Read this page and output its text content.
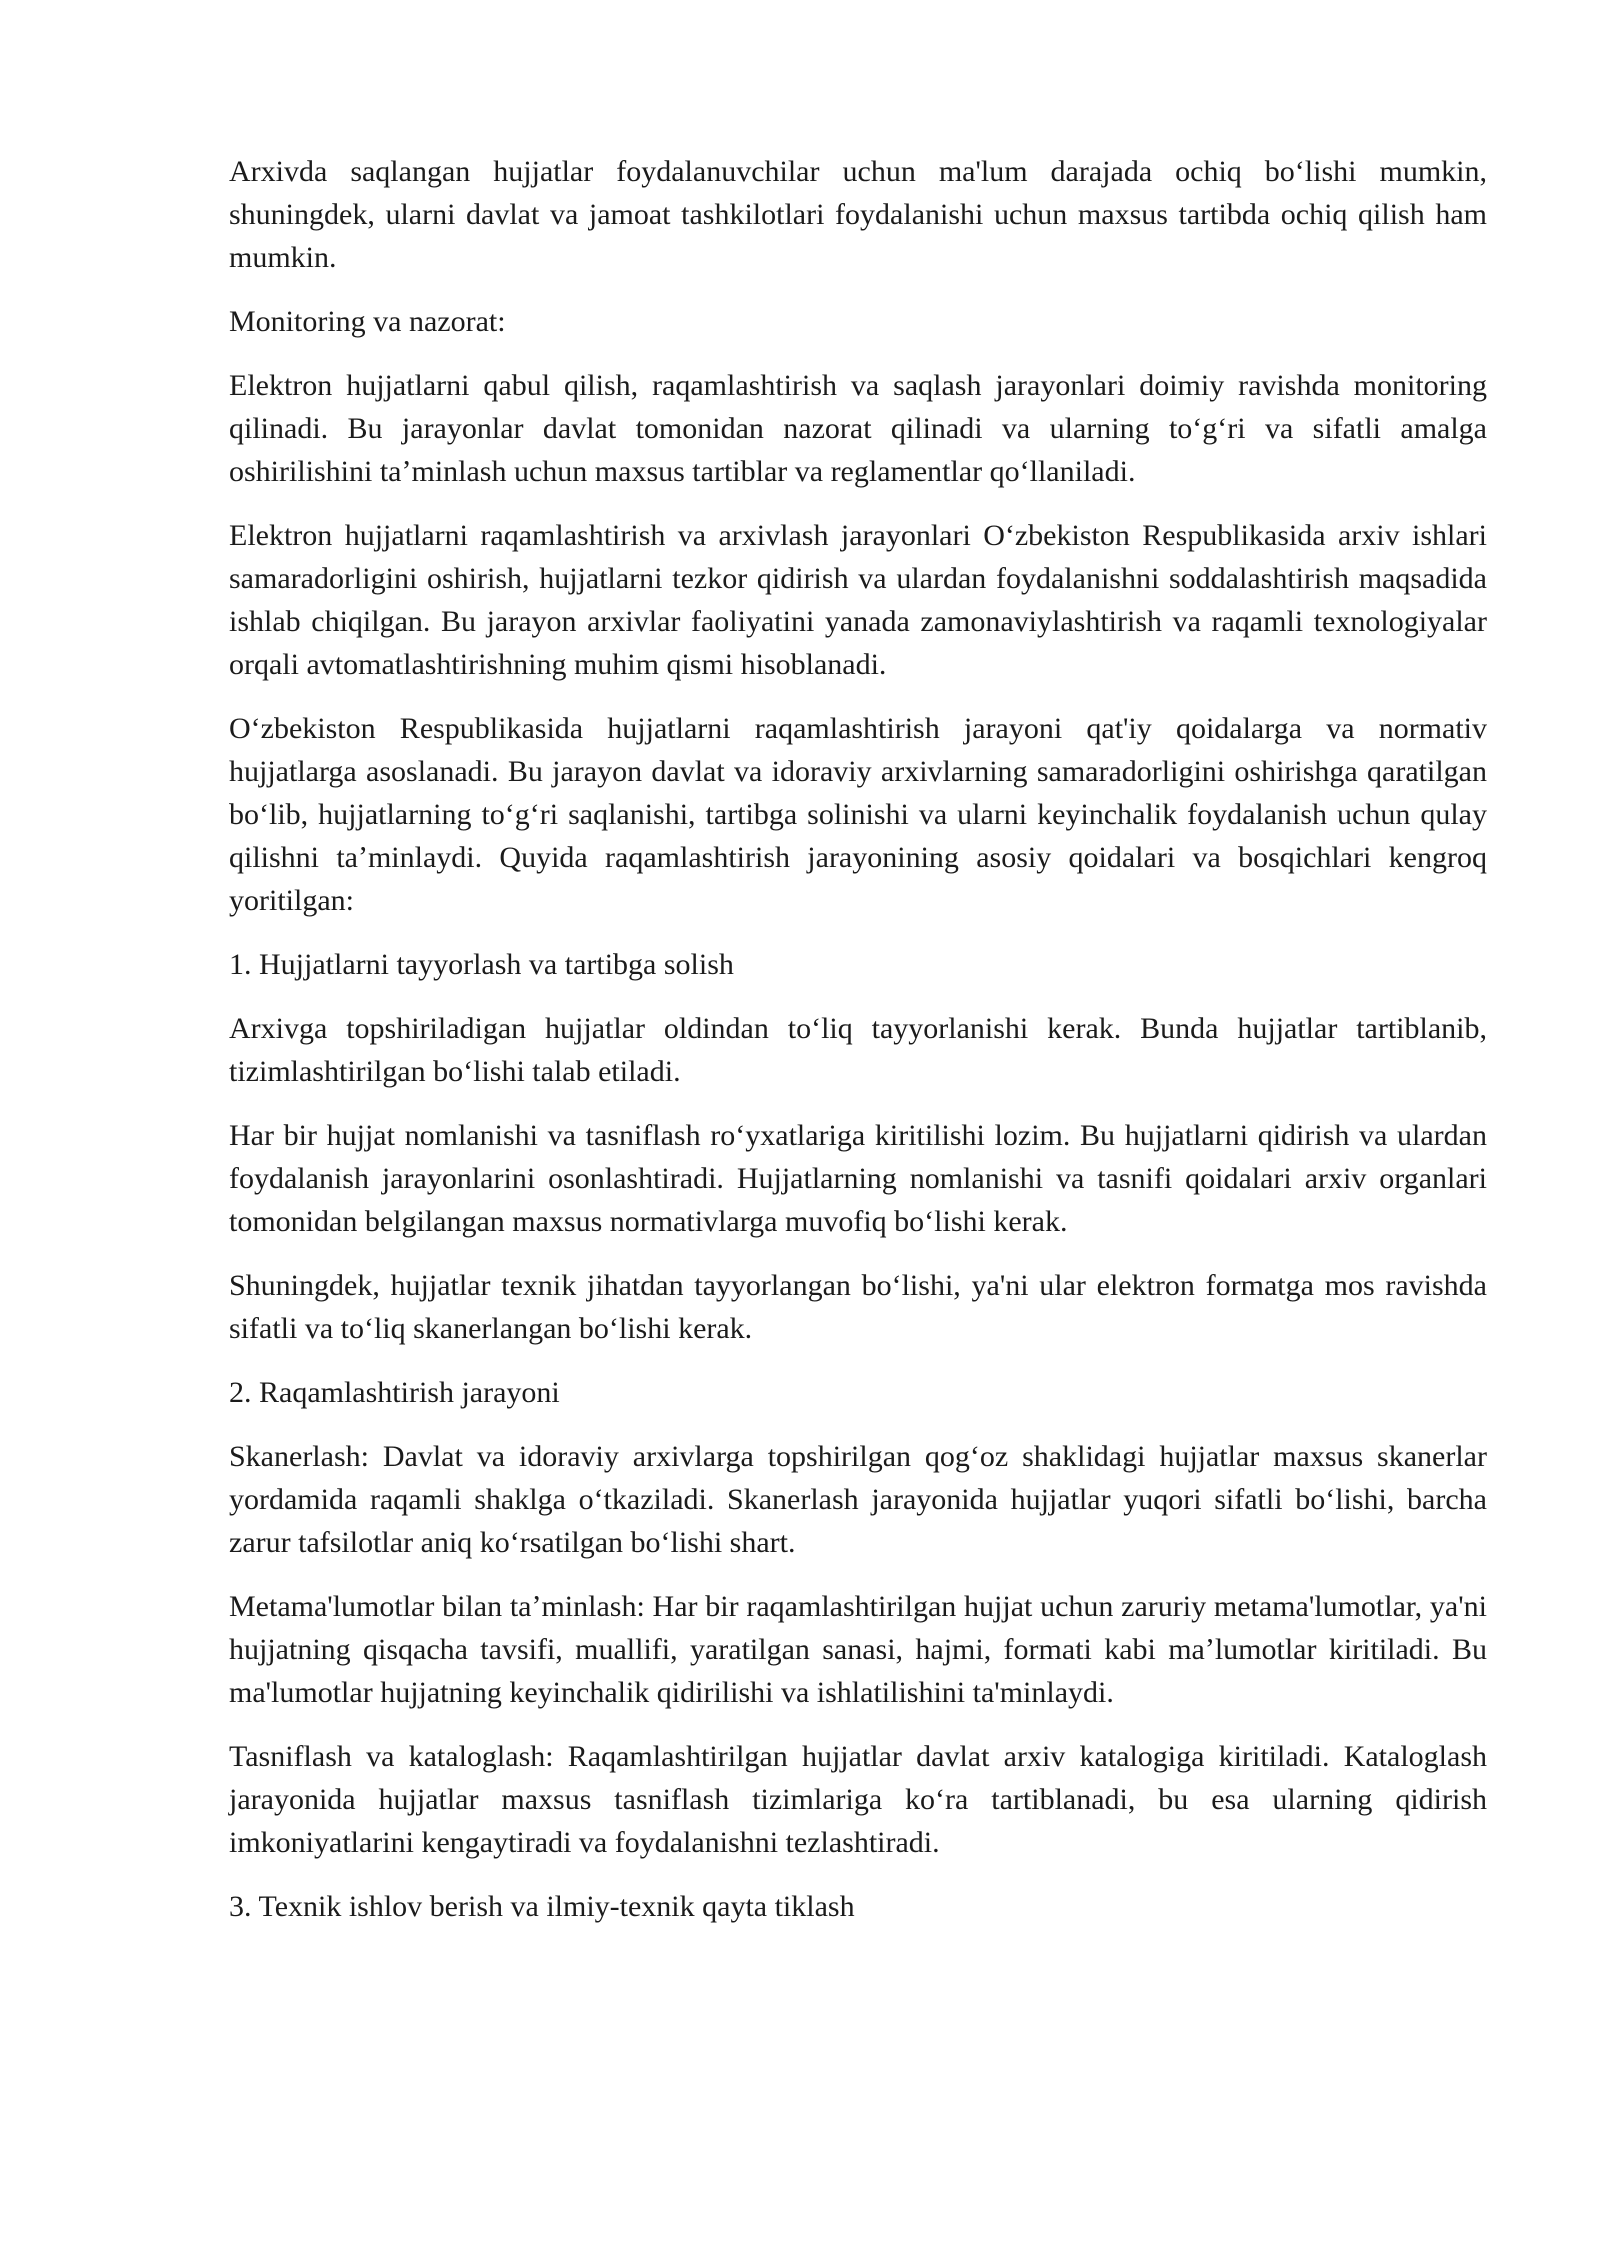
Arxivda saqlangan hujjatlar foydalanuvchilar uchun ma'lum darajada ochiq boʻlishi mumkin, shuningdek, ularni davlat va jamoat tashkilotlari foydalanishi uchun maxsus tartibda ochiq qilish ham mumkin.

Monitoring va nazorat:

Elektron hujjatlarni qabul qilish, raqamlashtirish va saqlash jarayonlari doimiy ravishda monitoring qilinadi. Bu jarayonlar davlat tomonidan nazorat qilinadi va ularning toʻgʻri va sifatli amalga oshirilishini taʼminlash uchun maxsus tartiblar va reglamentlar qoʻllaniladi.

Elektron hujjatlarni raqamlashtirish va arxivlash jarayonlari Oʻzbekiston Respublikasida arxiv ishlari samaradorligini oshirish, hujjatlarni tezkor qidirish va ulardan foydalanishni soddalashtirish maqsadida ishlab chiqilgan. Bu jarayon arxivlar faoliyatini yanada zamonaviylashtirish va raqamli texnologiyalar orqali avtomatlashtirishning muhim qismi hisoblanadi.

Oʻzbekiston Respublikasida hujjatlarni raqamlashtirish jarayoni qat'iy qoidalarga va normativ hujjatlarga asoslanadi. Bu jarayon davlat va idoraviy arxivlarning samaradorligini oshirishga qaratilgan boʻlib, hujjatlarning toʻgʻri saqlanishi, tartibga solinishi va ularni keyinchalik foydalanish uchun qulay qilishni taʼminlaydi. Quyida raqamlashtirish jarayonining asosiy qoidalari va bosqichlari kengroq yoritilgan:

1. Hujjatlarni tayyorlash va tartibga solish

Arxivga topshiriladigan hujjatlar oldindan toʻliq tayyorlanishi kerak. Bunda hujjatlar tartiblanib, tizimlashtirilgan boʻlishi talab etiladi.

Har bir hujjat nomlanishi va tasniflash roʻyxatlariga kiritilishi lozim. Bu hujjatlarni qidirish va ulardan foydalanish jarayonlarini osonlashtiradi. Hujjatlarning nomlanishi va tasnifi qoidalari arxiv organlari tomonidan belgilangan maxsus normativlarga muvofiq boʻlishi kerak.

Shuningdek, hujjatlar texnik jihatdan tayyorlangan boʻlishi, ya'ni ular elektron formatga mos ravishda sifatli va toʻliq skanerlangan boʻlishi kerak.

2. Raqamlashtirish jarayoni

Skanerlash: Davlat va idoraviy arxivlarga topshirilgan qogʻoz shaklidagi hujjatlar maxsus skanerlar yordamida raqamli shaklga oʻtkaziladi. Skanerlash jarayonida hujjatlar yuqori sifatli boʻlishi, barcha zarur tafsilotlar aniq koʻrsatilgan boʻlishi shart.

Metama'lumotlar bilan taʼminlash: Har bir raqamlashtirilgan hujjat uchun zaruriy metama'lumotlar, ya'ni hujjatning qisqacha tavsifi, muallifi, yaratilgan sanasi, hajmi, formati kabi maʼlumotlar kiritiladi. Bu ma'lumotlar hujjatning keyinchalik qidirilishi va ishlatilishini ta'minlaydi.

Tasniflash va kataloglash: Raqamlashtirilgan hujjatlar davlat arxiv katalogiga kiritiladi. Kataloglash jarayonida hujjatlar maxsus tasniflash tizimlariga koʻra tartiblanadi, bu esa ularning qidirish imkoniyatlarini kengaytiradi va foydalanishni tezlashtiradi.

3. Texnik ishlov berish va ilmiy-texnik qayta tiklash
